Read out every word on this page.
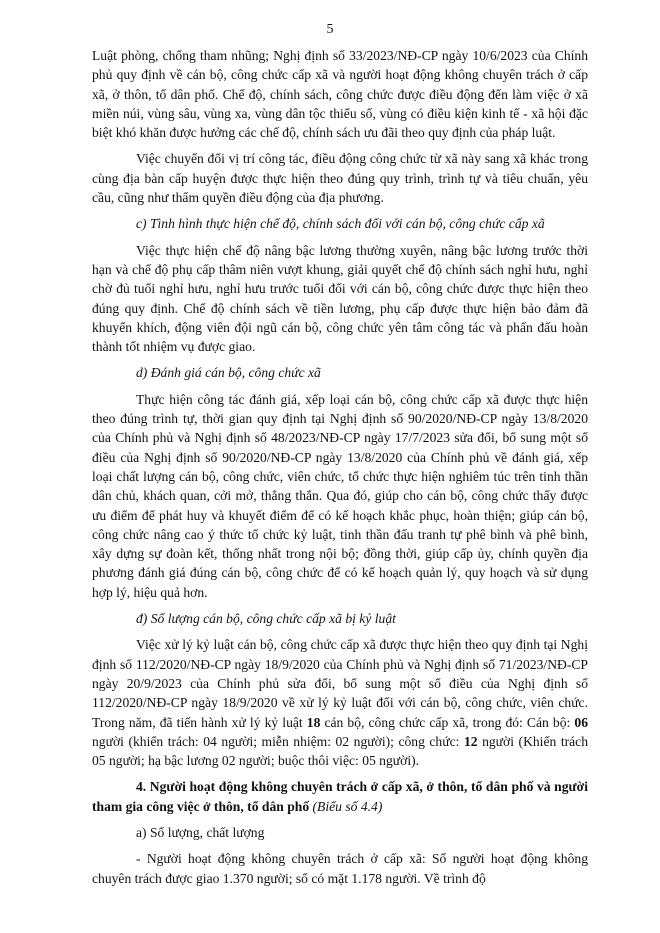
5

Luật phòng, chống tham nhũng; Nghị định số 33/2023/NĐ-CP ngày 10/6/2023 của Chính phủ quy định về cán bộ, công chức cấp xã và người hoạt động không chuyên trách ở cấp xã, ở thôn, tổ dân phố. Chế độ, chính sách, công chức được điều động đến làm việc ở xã miền núi, vùng sâu, vùng xa, vùng dân tộc thiểu số, vùng có điều kiện kinh tế - xã hội đặc biệt khó khăn được hưởng các chế độ, chính sách ưu đãi theo quy định của pháp luật.

Việc chuyển đổi vị trí công tác, điều động công chức từ xã này sang xã khác trong cùng địa bàn cấp huyện được thực hiện theo đúng quy trình, trình tự và tiêu chuẩn, yêu cầu, cũng như thẩm quyền điều động của địa phương.

c) Tình hình thực hiện chế độ, chính sách đối với cán bộ, công chức cấp xã

Việc thực hiện chế độ nâng bậc lương thường xuyên, nâng bậc lương trước thời hạn và chế độ phụ cấp thâm niên vượt khung, giải quyết chế độ chính sách nghỉ hưu, nghỉ chờ đủ tuổi nghỉ hưu, nghỉ hưu trước tuổi đối với cán bộ, công chức được thực hiện theo đúng quy định. Chế độ chính sách về tiền lương, phụ cấp được thực hiện bảo đảm đã khuyến khích, động viên đội ngũ cán bộ, công chức yên tâm công tác và phấn đấu hoàn thành tốt nhiệm vụ được giao.

d) Đánh giá cán bộ, công chức xã

Thực hiện công tác đánh giá, xếp loại cán bộ, công chức cấp xã được thực hiện theo đúng trình tự, thời gian quy định tại Nghị định số 90/2020/NĐ-CP ngày 13/8/2020 của Chính phủ và Nghị định số 48/2023/NĐ-CP ngày 17/7/2023 sửa đổi, bổ sung một số điều của Nghị định số 90/2020/NĐ-CP ngày 13/8/2020 của Chính phủ về đánh giá, xếp loại chất lượng cán bộ, công chức, viên chức, tổ chức thực hiện nghiêm túc trên tinh thần dân chủ, khách quan, cởi mở, thẳng thắn. Qua đó, giúp cho cán bộ, công chức thấy được ưu điểm để phát huy và khuyết điểm để có kế hoạch khắc phục, hoàn thiện; giúp cán bộ, công chức nâng cao ý thức tổ chức kỷ luật, tinh thần đấu tranh tự phê bình và phê bình, xây dựng sự đoàn kết, thống nhất trong nội bộ; đồng thời, giúp cấp ủy, chính quyền địa phương đánh giá đúng cán bộ, công chức để có kế hoạch quản lý, quy hoạch và sử dụng hợp lý, hiệu quả hơn.

đ) Số lượng cán bộ, công chức cấp xã bị kỷ luật

Việc xử lý kỷ luật cán bộ, công chức cấp xã được thực hiện theo quy định tại Nghị định số 112/2020/NĐ-CP ngày 18/9/2020 của Chính phủ và Nghị định số 71/2023/NĐ-CP ngày 20/9/2023 của Chính phủ sửa đổi, bổ sung một số điều của Nghị định số 112/2020/NĐ-CP ngày 18/9/2020 về xử lý kỷ luật đối với cán bộ, công chức, viên chức. Trong năm, đã tiến hành xử lý kỷ luật 18 cán bộ, công chức cấp xã, trong đó: Cán bộ: 06 người (khiển trách: 04 người; miễn nhiệm: 02 người); công chức: 12 người (Khiển trách 05 người; hạ bậc lương 02 người; buộc thôi việc: 05 người).

4. Người hoạt động không chuyên trách ở cấp xã, ở thôn, tổ dân phố và người tham gia công việc ở thôn, tổ dân phố (Biểu số 4.4)

a) Số lượng, chất lượng

- Người hoạt động không chuyên trách ở cấp xã: Số người hoạt động không chuyên trách được giao 1.370 người; số có mặt 1.178 người. Về trình độ
